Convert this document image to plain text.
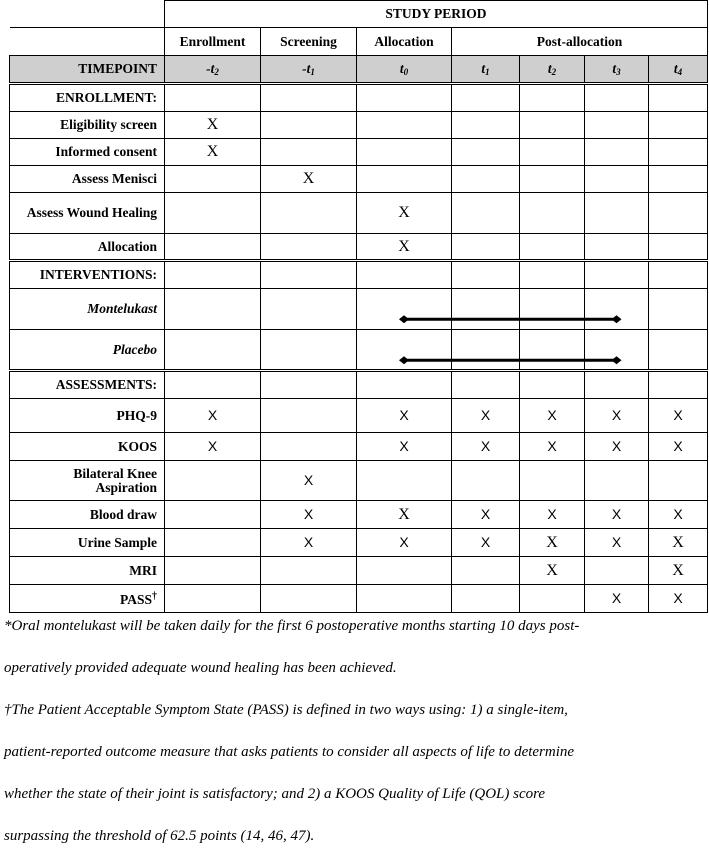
	STUDY PERIOD						
	Enrollment	Screening	Allocation	Post-allocation			
TIMEPOINT	$-t_2$	$-t_1$	$t_0$	$t_1$	$t_2$	$t_3$	$t_4$
ENROLLMENT:							
Eligibility screen	X						
Informed consent	X						
Assess Menisci		X					
Assess Wound Healing			X				
Allocation			X				
INTERVENTIONS:							
Montelukast							
Placebo							
ASSESSMENTS:							
PHQ-9	X		X	X	X	X	X
KOOS	X		X	X	X	X	X
Bilateral Knee Aspiration		X					
Blood draw		X	X	X	X	X	X
Urine Sample		X	X	X	X	X	X
MRI					X		X
PASS†						X	X
*Oral montelukast will be taken daily for the first 6 postoperative months starting 10 days post-
operatively provided adequate wound healing has been achieved.
†The Patient Acceptable Symptom State (PASS) is defined in two ways using: 1) a single-item,
patient-reported outcome measure that asks patients to consider all aspects of life to determine
whether the state of their joint is satisfactory; and 2) a KOOS Quality of Life (QOL) score
surpassing the threshold of 62.5 points (14, 46, 47).
